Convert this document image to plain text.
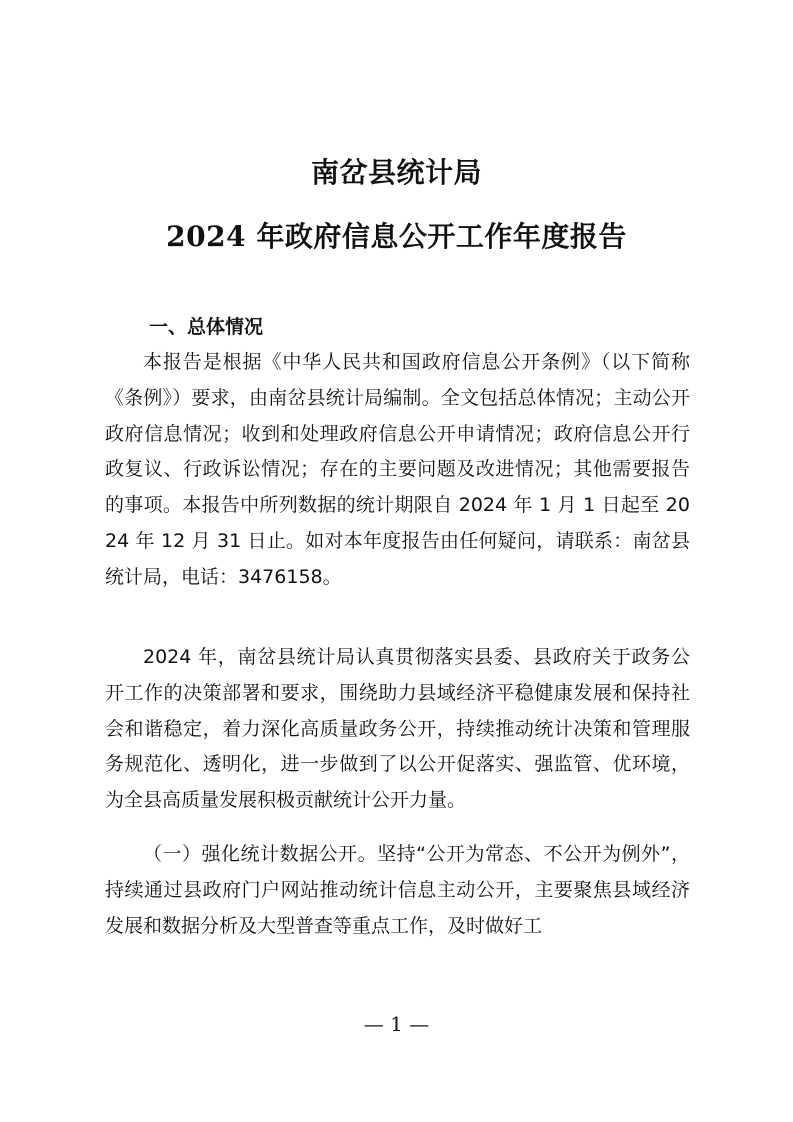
南岔县统计局
2024 年政府信息公开工作年度报告
一、总体情况

本报告是根据《中华人民共和国政府信息公开条例》（以下简称《条例》）要求，由南岔县统计局编制。全文包括总体情况；主动公开政府信息情况；收到和处理政府信息公开申请情况；政府信息公开行政复议、行政诉讼情况；存在的主要问题及改进情况；其他需要报告的事项。本报告中所列数据的统计期限自 2024 年 1 月 1 日起至 2024 年 12 月 31 日止。如对本年度报告由任何疑问，请联系：南岔县统计局，电话：3476158。

2024 年，南岔县统计局认真贯彻落实县委、县政府关于政务公开工作的决策部署和要求，围绕助力县域经济平稳健康发展和保持社会和谐稳定，着力深化高质量政务公开，持续推动统计决策和管理服务规范化、透明化，进一步做到了以公开促落实、强监管、优环境，为全县高质量发展积极贡献统计公开力量。

（一）强化统计数据公开。坚持“公开为常态、不公开为例外”，持续通过县政府门户网站推动统计信息主动公开，主要聚焦县域经济发展和数据分析及大型普查等重点工作，及时做好工

— 1 —
